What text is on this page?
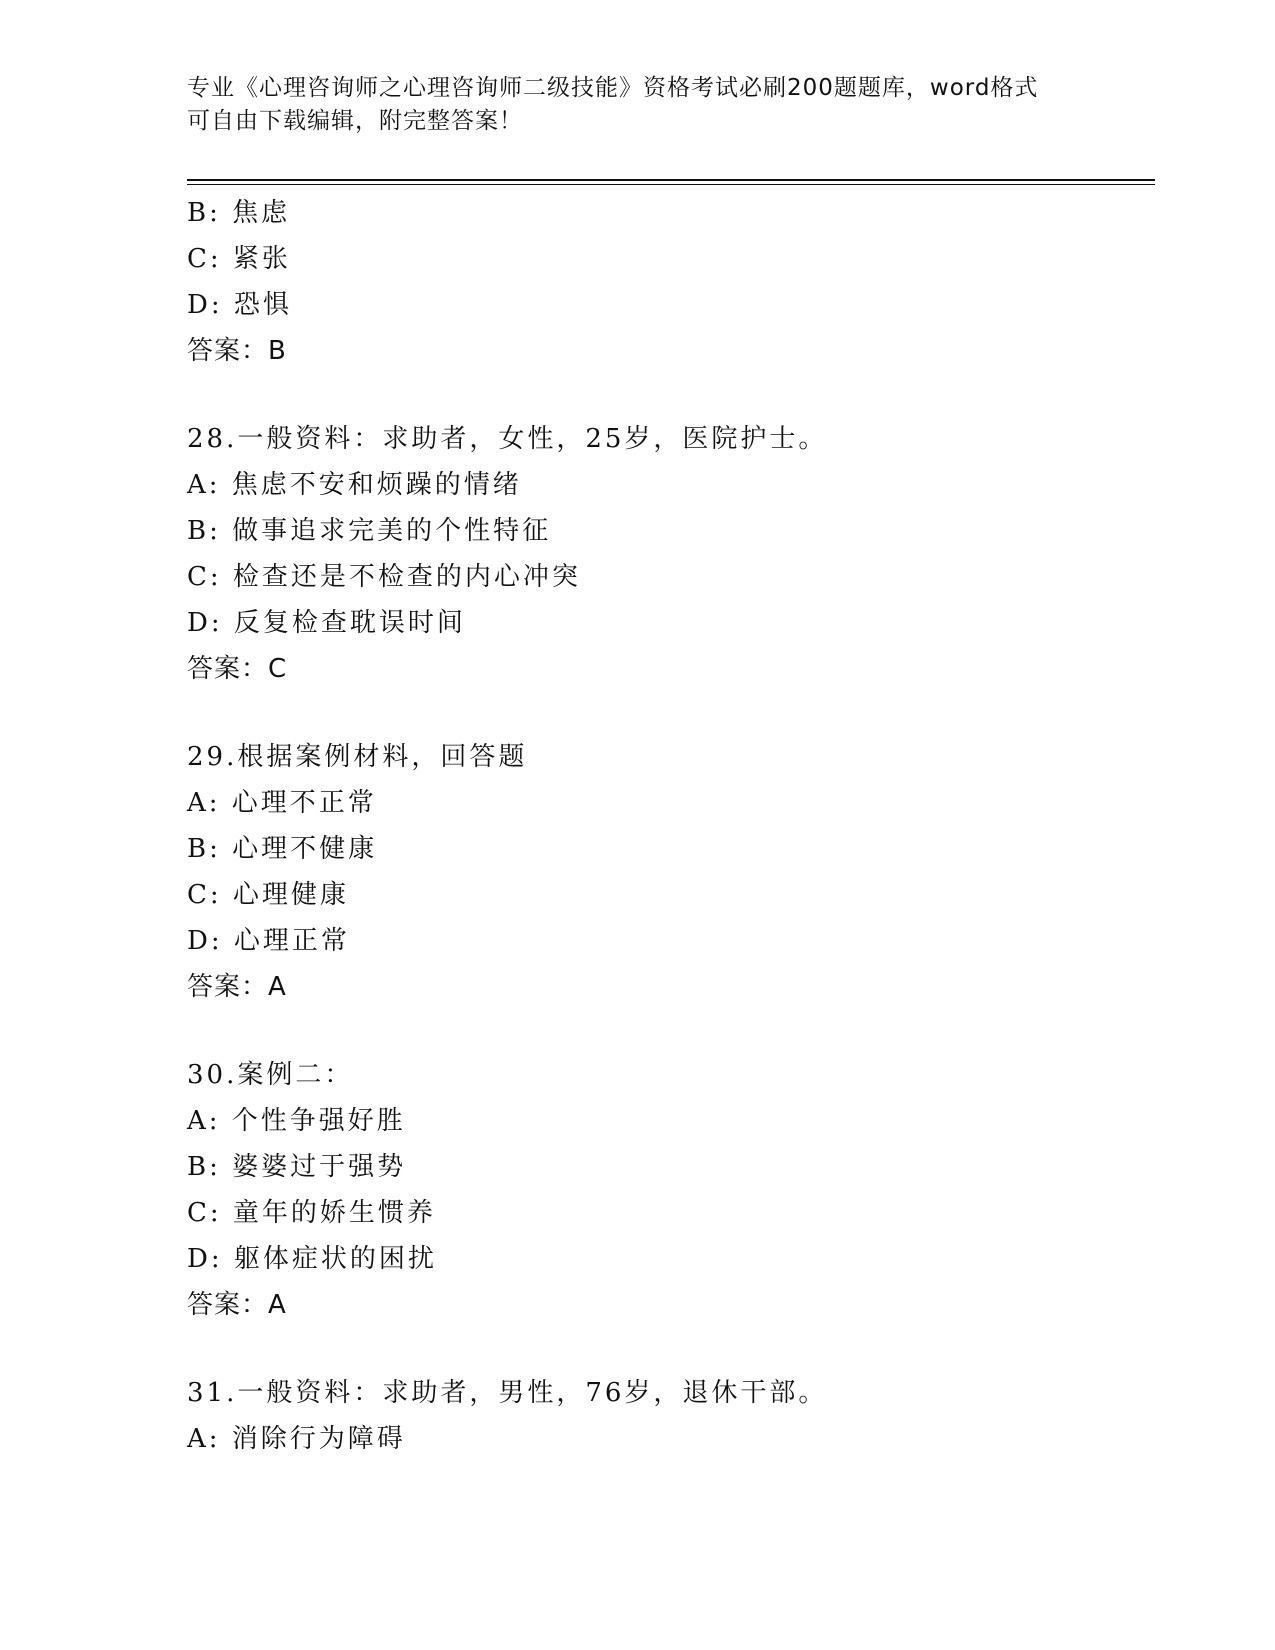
专业《心理咨询师之心理咨询师二级技能》资格考试必刷200题题库，word格式
可自由下载编辑，附完整答案！
B: 焦虑
C: 紧张
D: 恐惧
答案：B
28.一般资料：求助者，女性，25岁，医院护士。
A: 焦虑不安和烦躁的情绪
B: 做事追求完美的个性特征
C: 检查还是不检查的内心冲突
D: 反复检查耽误时间
答案：C
29.根据案例材料，回答题
A: 心理不正常
B: 心理不健康
C: 心理健康
D: 心理正常
答案：A
30.案例二：
A: 个性争强好胜
B: 婆婆过于强势
C: 童年的娇生惯养
D: 躯体症状的困扰
答案：A
31.一般资料：求助者，男性，76岁，退休干部。
A: 消除行为障碍
